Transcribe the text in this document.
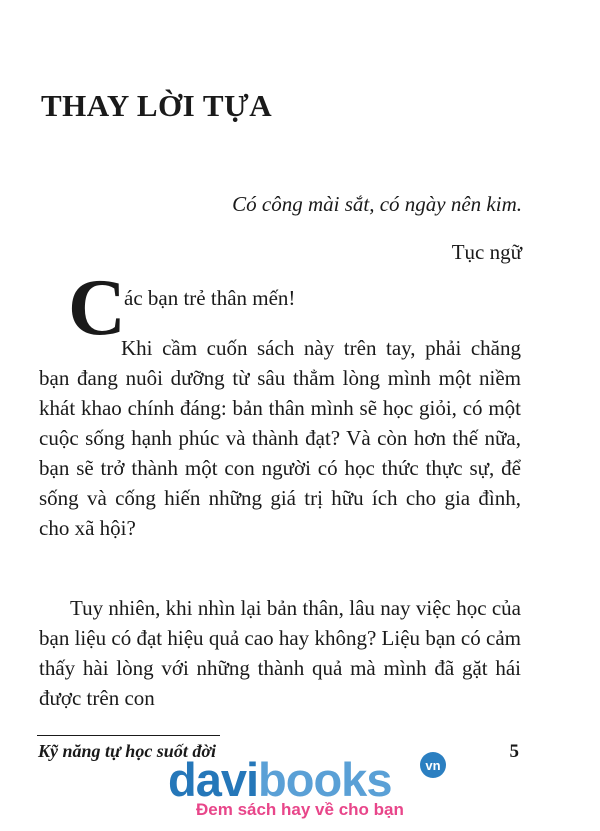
THAY LỜI TỰA
Có công mài sắt, có ngày nên kim.
Tục ngữ
C
ác bạn trẻ thân mến!

Khi cầm cuốn sách này trên tay, phải chăng bạn đang nuôi dưỡng từ sâu thẳm lòng mình một niềm khát khao chính đáng: bản thân mình sẽ học giỏi, có một cuộc sống hạnh phúc và thành đạt? Và còn hơn thế nữa, bạn sẽ trở thành một con người có học thức thực sự, để sống và cống hiến những giá trị hữu ích cho gia đình, cho xã hội?

Tuy nhiên, khi nhìn lại bản thân, lâu nay việc học của bạn liệu có đạt hiệu quả cao hay không? Liệu bạn có cảm thấy hài lòng với những thành quả mà mình đã gặt hái được trên con

Kỹ năng tự học suốt đời	5
davibooks	vn
Đem sách hay về cho bạn
